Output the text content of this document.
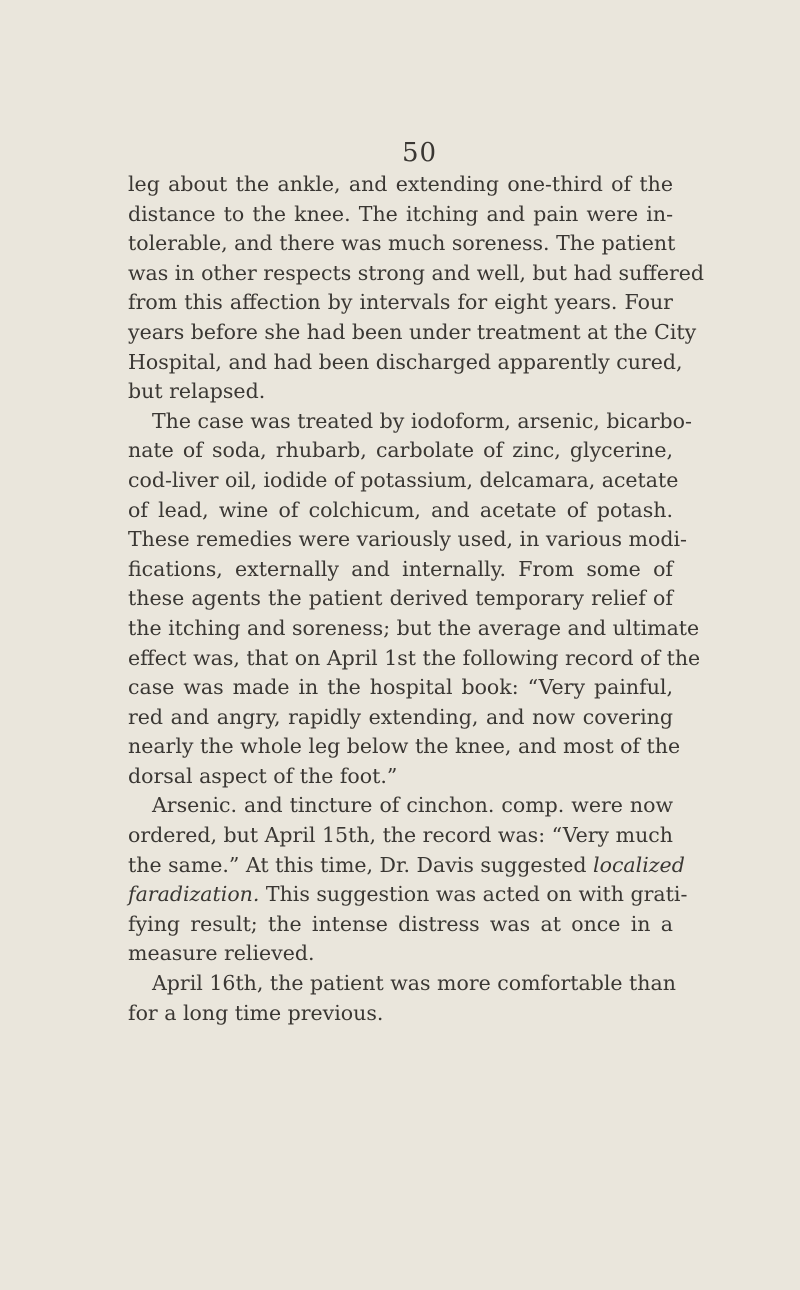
50
leg about the ankle, and extending one-third of the
distance to the knee. The itching and pain were in-
tolerable, and there was much soreness. The patient
was in other respects strong and well, but had suffered
from this affection by intervals for eight years. Four
years before she had been under treatment at the City
Hospital, and had been discharged apparently cured,
but relapsed.
The case was treated by iodoform, arsenic, bicarbo-
nate of soda, rhubarb, carbolate of zinc, glycerine,
cod-liver oil, iodide of potassium, delcamara, acetate
of lead, wine of colchicum, and acetate of potash.
These remedies were variously used, in various modi-
fications, externally and internally. From some of
these agents the patient derived temporary relief of
the itching and soreness; but the average and ultimate
effect was, that on April 1st the following record of the
case was made in the hospital book: “Very painful,
red and angry, rapidly extending, and now covering
nearly the whole leg below the knee, and most of the
dorsal aspect of the foot.”
Arsenic. and tincture of cinchon. comp. were now
ordered, but April 15th, the record was: “Very much
the same.” At this time, Dr. Davis suggested localized
faradization. This suggestion was acted on with grati-
fying result; the intense distress was at once in a
measure relieved.
April 16th, the patient was more comfortable than
for a long time previous.
